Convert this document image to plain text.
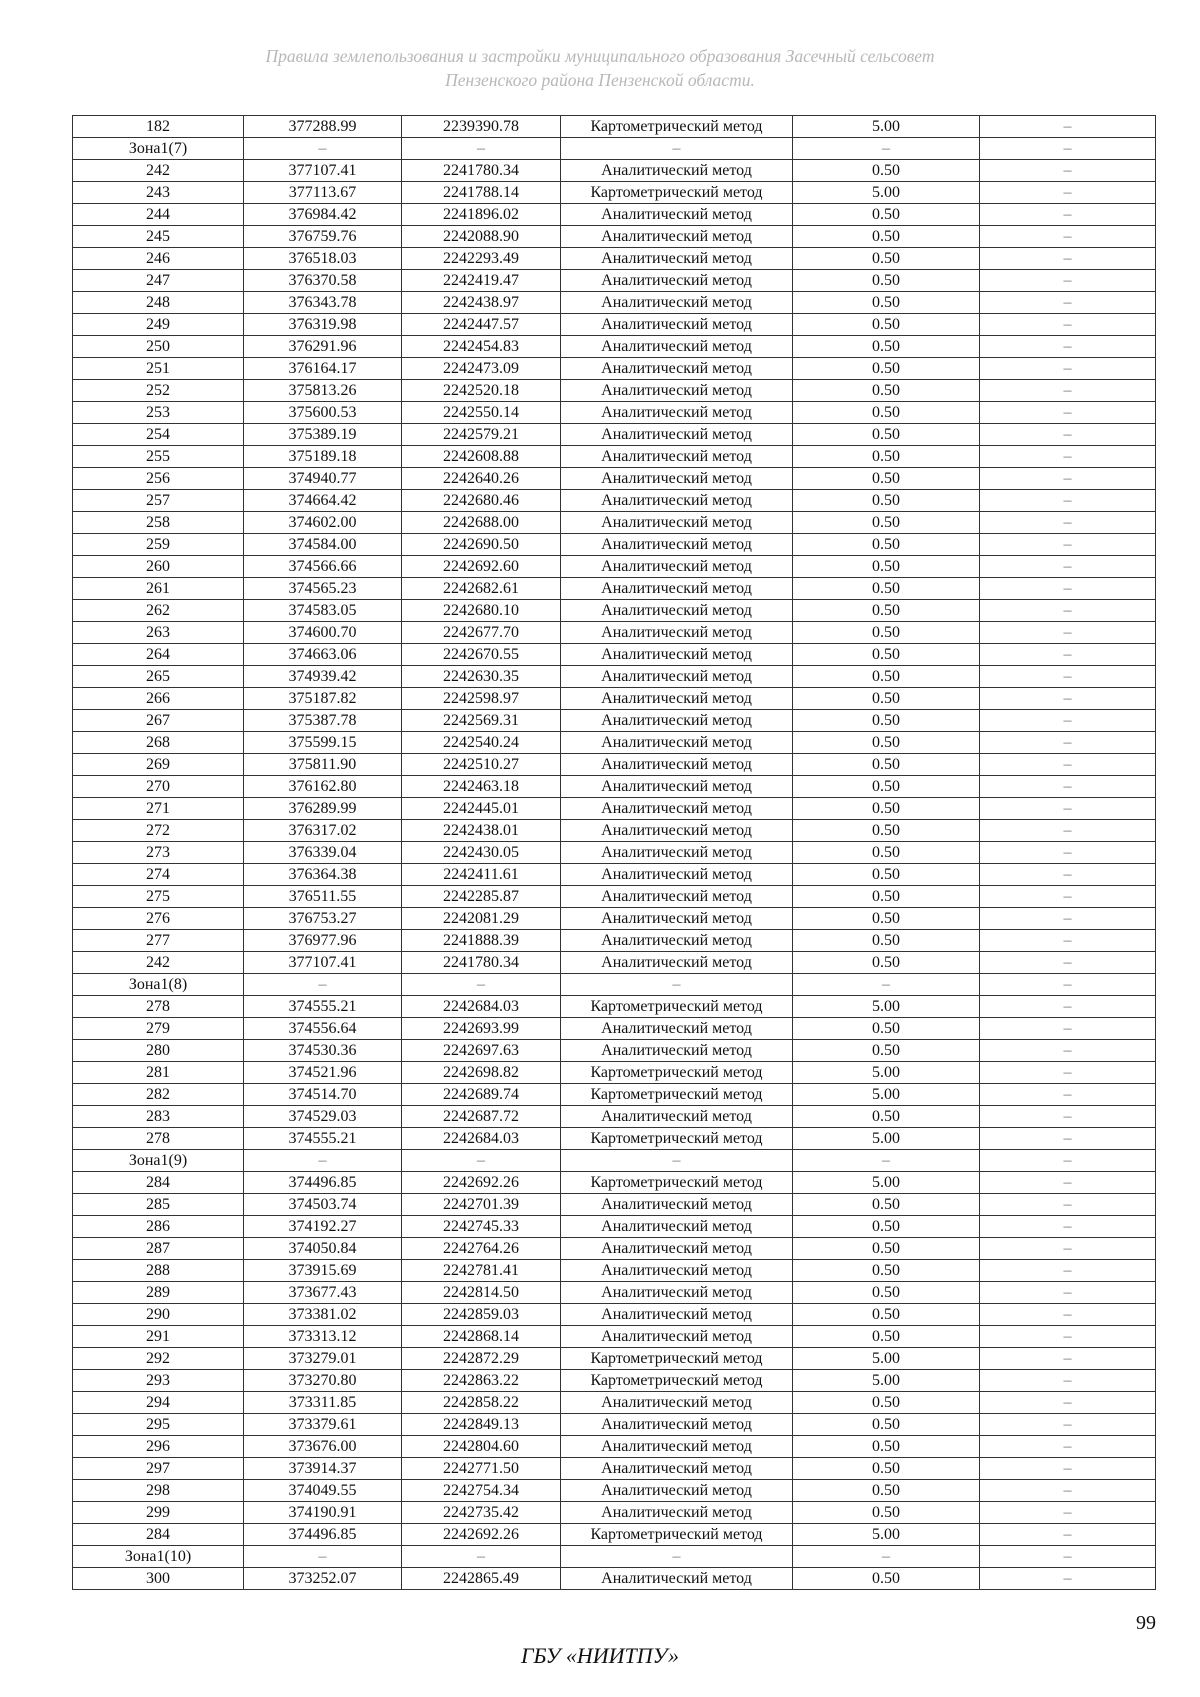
Правила землепользования и застройки муниципального образования Засечный сельсовет
Пензенского района Пензенской области.
182	377288.99	2239390.78	Картометрический метод	5.00	–
Зона1(7)	–	–	–	–	–
242	377107.41	2241780.34	Аналитический метод	0.50	–
243	377113.67	2241788.14	Картометрический метод	5.00	–
244	376984.42	2241896.02	Аналитический метод	0.50	–
245	376759.76	2242088.90	Аналитический метод	0.50	–
246	376518.03	2242293.49	Аналитический метод	0.50	–
247	376370.58	2242419.47	Аналитический метод	0.50	–
248	376343.78	2242438.97	Аналитический метод	0.50	–
249	376319.98	2242447.57	Аналитический метод	0.50	–
250	376291.96	2242454.83	Аналитический метод	0.50	–
251	376164.17	2242473.09	Аналитический метод	0.50	–
252	375813.26	2242520.18	Аналитический метод	0.50	–
253	375600.53	2242550.14	Аналитический метод	0.50	–
254	375389.19	2242579.21	Аналитический метод	0.50	–
255	375189.18	2242608.88	Аналитический метод	0.50	–
256	374940.77	2242640.26	Аналитический метод	0.50	–
257	374664.42	2242680.46	Аналитический метод	0.50	–
258	374602.00	2242688.00	Аналитический метод	0.50	–
259	374584.00	2242690.50	Аналитический метод	0.50	–
260	374566.66	2242692.60	Аналитический метод	0.50	–
261	374565.23	2242682.61	Аналитический метод	0.50	–
262	374583.05	2242680.10	Аналитический метод	0.50	–
263	374600.70	2242677.70	Аналитический метод	0.50	–
264	374663.06	2242670.55	Аналитический метод	0.50	–
265	374939.42	2242630.35	Аналитический метод	0.50	–
266	375187.82	2242598.97	Аналитический метод	0.50	–
267	375387.78	2242569.31	Аналитический метод	0.50	–
268	375599.15	2242540.24	Аналитический метод	0.50	–
269	375811.90	2242510.27	Аналитический метод	0.50	–
270	376162.80	2242463.18	Аналитический метод	0.50	–
271	376289.99	2242445.01	Аналитический метод	0.50	–
272	376317.02	2242438.01	Аналитический метод	0.50	–
273	376339.04	2242430.05	Аналитический метод	0.50	–
274	376364.38	2242411.61	Аналитический метод	0.50	–
275	376511.55	2242285.87	Аналитический метод	0.50	–
276	376753.27	2242081.29	Аналитический метод	0.50	–
277	376977.96	2241888.39	Аналитический метод	0.50	–
242	377107.41	2241780.34	Аналитический метод	0.50	–
Зона1(8)	–	–	–	–	–
278	374555.21	2242684.03	Картометрический метод	5.00	–
279	374556.64	2242693.99	Аналитический метод	0.50	–
280	374530.36	2242697.63	Аналитический метод	0.50	–
281	374521.96	2242698.82	Картометрический метод	5.00	–
282	374514.70	2242689.74	Картометрический метод	5.00	–
283	374529.03	2242687.72	Аналитический метод	0.50	–
278	374555.21	2242684.03	Картометрический метод	5.00	–
Зона1(9)	–	–	–	–	–
284	374496.85	2242692.26	Картометрический метод	5.00	–
285	374503.74	2242701.39	Аналитический метод	0.50	–
286	374192.27	2242745.33	Аналитический метод	0.50	–
287	374050.84	2242764.26	Аналитический метод	0.50	–
288	373915.69	2242781.41	Аналитический метод	0.50	–
289	373677.43	2242814.50	Аналитический метод	0.50	–
290	373381.02	2242859.03	Аналитический метод	0.50	–
291	373313.12	2242868.14	Аналитический метод	0.50	–
292	373279.01	2242872.29	Картометрический метод	5.00	–
293	373270.80	2242863.22	Картометрический метод	5.00	–
294	373311.85	2242858.22	Аналитический метод	0.50	–
295	373379.61	2242849.13	Аналитический метод	0.50	–
296	373676.00	2242804.60	Аналитический метод	0.50	–
297	373914.37	2242771.50	Аналитический метод	0.50	–
298	374049.55	2242754.34	Аналитический метод	0.50	–
299	374190.91	2242735.42	Аналитический метод	0.50	–
284	374496.85	2242692.26	Картометрический метод	5.00	–
Зона1(10)	–	–	–	–	–
300	373252.07	2242865.49	Аналитический метод	0.50	–
99
ГБУ «НИИТПУ»
